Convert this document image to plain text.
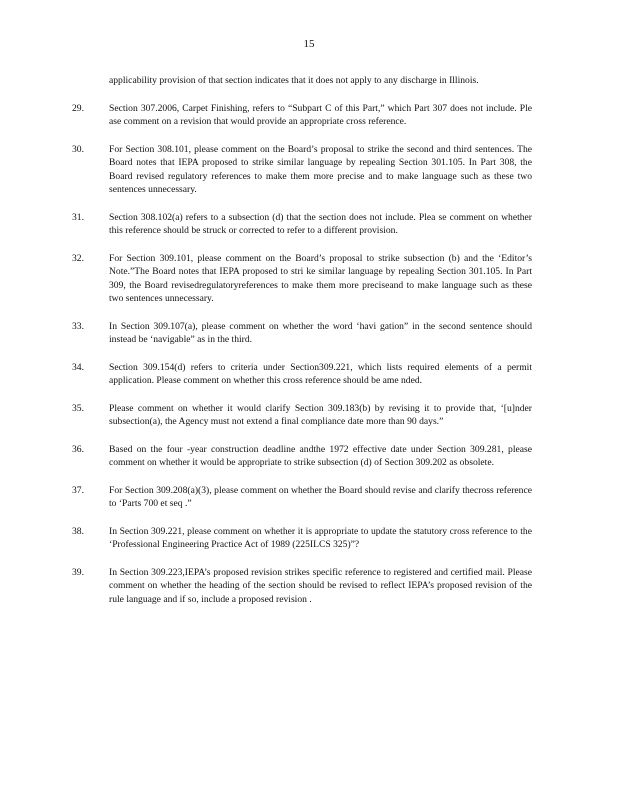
15
applicability provision of that section indicates that it does not apply to any discharge in Illinois.
29.	Section 307.2006, Carpet Finishing, refers to “Subpart C of this Part,” which Part 307 does not include. Ple ase comment on a revision that would provide an appropriate cross reference.
30.	For Section 308.101, please comment on the Board’s proposal to strike the second and third sentences. The Board notes that IEPA proposed to strike similar language by repealing Section 301.105. In Part 308, the Board revised regulatory references to make them more precise and to make language such as these two sentences unnecessary.
31.	Section 308.102(a) refers to a subsection (d) that the section does not include. Plea se comment on whether this reference should be struck or corrected to refer to a different provision.
32.	For Section 309.101, please comment on the Board’s proposal to strike subsection (b) and the ‘Editor’s Note.”The Board notes that IEPA proposed to stri ke similar language by repealing Section 301.105. In Part 309, the Board revisedregulatoryreferences to make them more preciseand to make language such as these two sentences unnecessary.
33.	In Section 309.107(a), please comment on whether the word ‘havi gation” in the second sentence should instead be ‘navigable” as in the third.
34.	Section 309.154(d) refers to criteria under Section309.221, which lists required elements of a permit application. Please comment on whether this cross reference should be ame nded.
35.	Please comment on whether it would clarify Section 309.183(b) by revising it to provide that, ‘[u]nder subsection(a), the Agency must not extend a final compliance date more than 90 days.”
36.	Based on the four -year construction deadline andthe 1972 effective date under Section 309.281, please comment on whether it would be appropriate to strike subsection (d) of Section 309.202 as obsolete.
37.	For Section 309.208(a)(3), please comment on whether the Board should revise and clarify thecross reference to ‘Parts 700 et seq .”
38.	In Section 309.221, please comment on whether it is appropriate to update the statutory cross reference to the ‘Professional Engineering Practice Act of 1989 (225ILCS 325)”?
39.	In Section 309.223,IEPA’s proposed revision strikes specific reference to registered and certified mail. Please comment on whether the heading of the section should be revised to reflect IEPA’s proposed revision of the rule language and if so, include a proposed revision .
